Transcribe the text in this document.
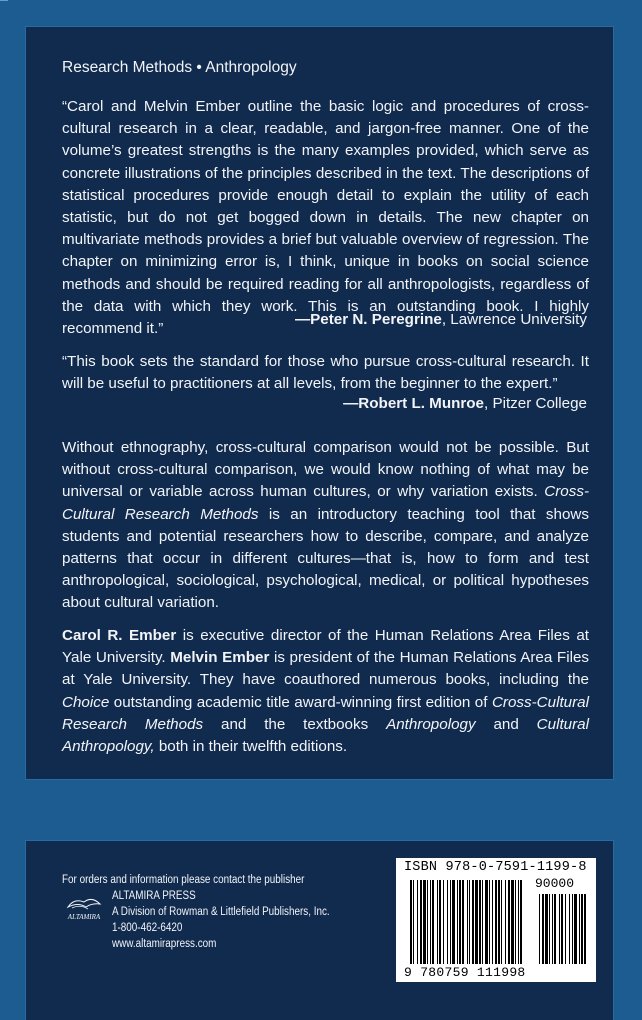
Research Methods • Anthropology
“Carol and Melvin Ember outline the basic logic and procedures of cross-cultural research in a clear, readable, and jargon-free manner. One of the volume’s greatest strengths is the many examples provided, which serve as concrete illustrations of the principles described in the text. The descriptions of statistical procedures provide enough detail to explain the utility of each statistic, but do not get bogged down in details. The new chapter on multivariate methods provides a brief but valuable overview of regression. The chapter on minimizing error is, I think, unique in books on social science methods and should be required reading for all anthropologists, regardless of the data with which they work. This is an outstanding book. I highly recommend it.”
—Peter N. Peregrine, Lawrence University
“This book sets the standard for those who pursue cross-cultural research. It will be useful to practitioners at all levels, from the beginner to the expert.”
—Robert L. Munroe, Pitzer College
Without ethnography, cross-cultural comparison would not be possible. But without cross-cultural comparison, we would know nothing of what may be universal or variable across human cultures, or why variation exists. Cross-Cultural Research Methods is an introductory teaching tool that shows students and potential researchers how to describe, compare, and analyze patterns that occur in different cultures—that is, how to form and test anthropological, sociological, psychological, medical, or political hypotheses about cultural variation.
Carol R. Ember is executive director of the Human Relations Area Files at Yale University. Melvin Ember is president of the Human Relations Area Files at Yale University. They have coauthored numerous books, including the Choice outstanding academic title award-winning first edition of Cross-Cultural Research Methods and the textbooks Anthropology and Cultural Anthropology, both in their twelfth editions.
For orders and information please contact the publisher
ALTAMIRA
ALTAMIRA PRESS
A Division of Rowman & Littlefield Publishers, Inc.
1-800-462-6420
www.altamirapress.com
ISBN 978-0-7591-1199-8
90000
9 780759 111998
